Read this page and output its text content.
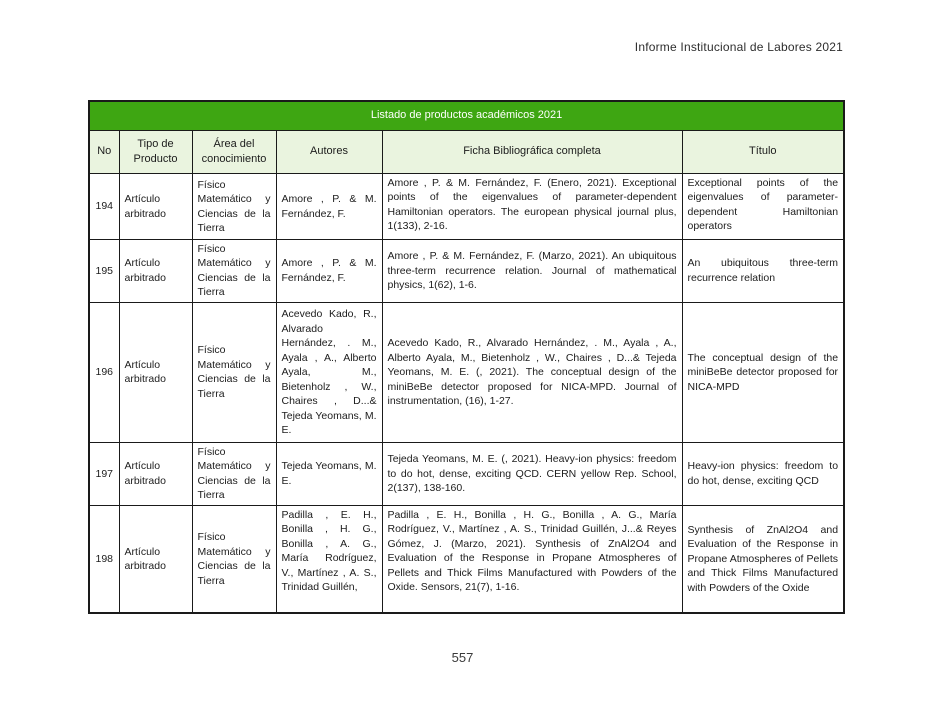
Informe Institucional de Labores 2021
Listado de productos académicos 2021					
No	Tipo de Producto	Área del conocimiento	Autores	Ficha Bibliográfica completa	Título
194	Artículo arbitrado	Físico Matemático y Ciencias de la Tierra	Amore , P. & M. Fernández, F.	Amore , P. & M. Fernández, F. (Enero, 2021). Exceptional points of the eigenvalues of parameter-dependent Hamiltonian operators. The european physical journal plus, 1(133), 2-16.	Exceptional points of the eigenvalues of parameter-dependent Hamiltonian operators
195	Artículo arbitrado	Físico Matemático y Ciencias de la Tierra	Amore , P. & M. Fernández, F.	Amore , P. & M. Fernández, F. (Marzo, 2021). An ubiquitous three-term recurrence relation. Journal of mathematical physics, 1(62), 1-6.	An ubiquitous three-term recurrence relation
196	Artículo arbitrado	Físico Matemático y Ciencias de la Tierra	Acevedo Kado, R., Alvarado Hernández, . M., Ayala , A., Alberto Ayala, M., Bietenholz , W., Chaires , D...& Tejeda Yeomans, M. E.	Acevedo Kado, R., Alvarado Hernández, . M., Ayala , A., Alberto Ayala, M., Bietenholz , W., Chaires , D...& Tejeda Yeomans, M. E. (, 2021). The conceptual design of the miniBeBe detector proposed for NICA-MPD. Journal of instrumentation, (16), 1-27.	The conceptual design of the miniBeBe detector proposed for NICA-MPD
197	Artículo arbitrado	Físico Matemático y Ciencias de la Tierra	Tejeda Yeomans, M. E.	Tejeda Yeomans, M. E. (, 2021). Heavy-ion physics: freedom to do hot, dense, exciting QCD. CERN yellow Rep. School, 2(137), 138-160.	Heavy-ion physics: freedom to do hot, dense, exciting QCD
198	Artículo arbitrado	Físico Matemático y Ciencias de la Tierra	Padilla , E. H., Bonilla , H. G., Bonilla , A. G., María Rodríguez, V., Martínez , A. S., Trinidad Guillén,	Padilla , E. H., Bonilla , H. G., Bonilla , A. G., María Rodríguez, V., Martínez , A. S., Trinidad Guillén, J...& Reyes Gómez, J. (Marzo, 2021). Synthesis of ZnAl2O4 and Evaluation of the Response in Propane Atmospheres of Pellets and Thick Films Manufactured with Powders of the Oxide. Sensors, 21(7), 1-16.	Synthesis of ZnAl2O4 and Evaluation of the Response in Propane Atmospheres of Pellets and Thick Films Manufactured with Powders of the Oxide
557
